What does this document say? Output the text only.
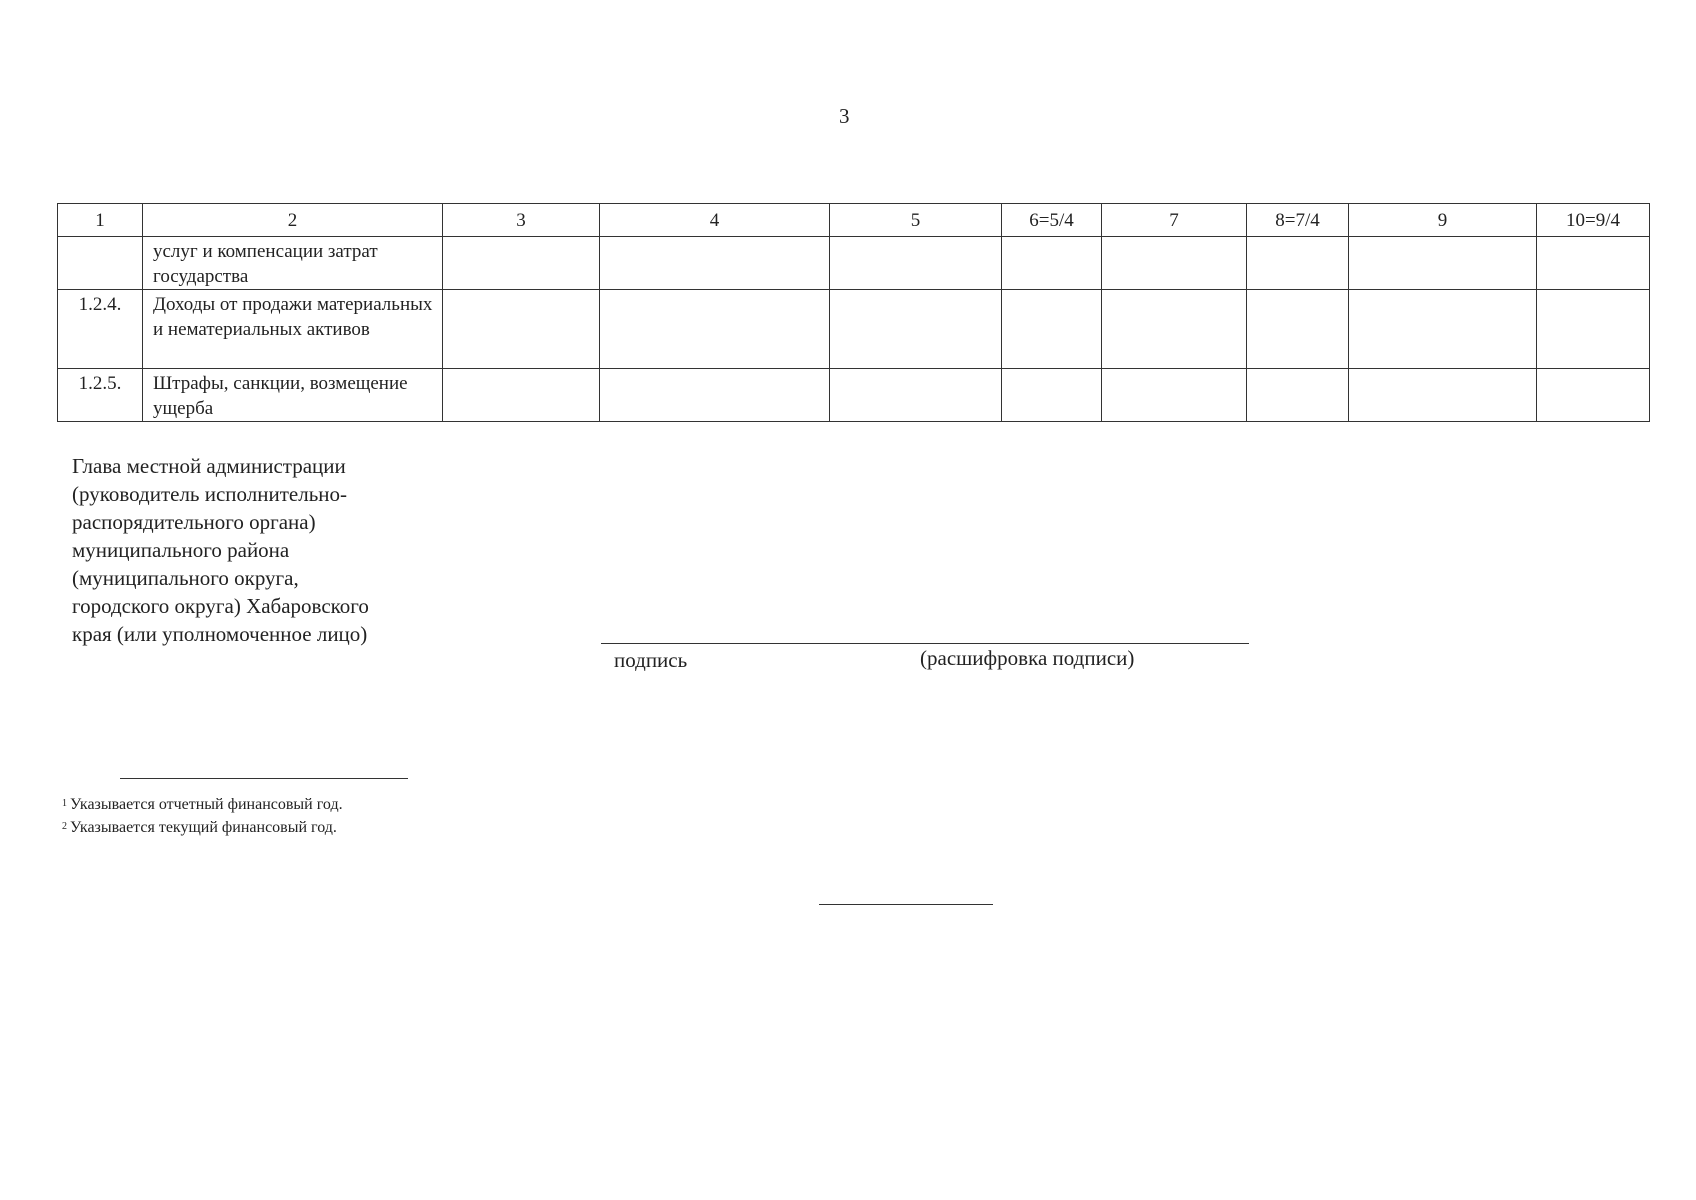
3
1	2	3	4	5	6=5/4	7	8=7/4	9	10=9/4
	услуг и компенсации затрат государства								
1.2.4.	Доходы от продажи материальных и нематериальных активов								
1.2.5.	Штрафы, санкции, возмещение ущерба								
Глава местной администрации
(руководитель исполнительно-
распорядительного органа)
муниципального района
(муниципального округа,
городского округа) Хабаровского
края (или уполномоченное лицо)
подпись	(расшифровка подписи)
$^1$ Указывается отчетный финансовый год.
$^2$ Указывается текущий финансовый год.
